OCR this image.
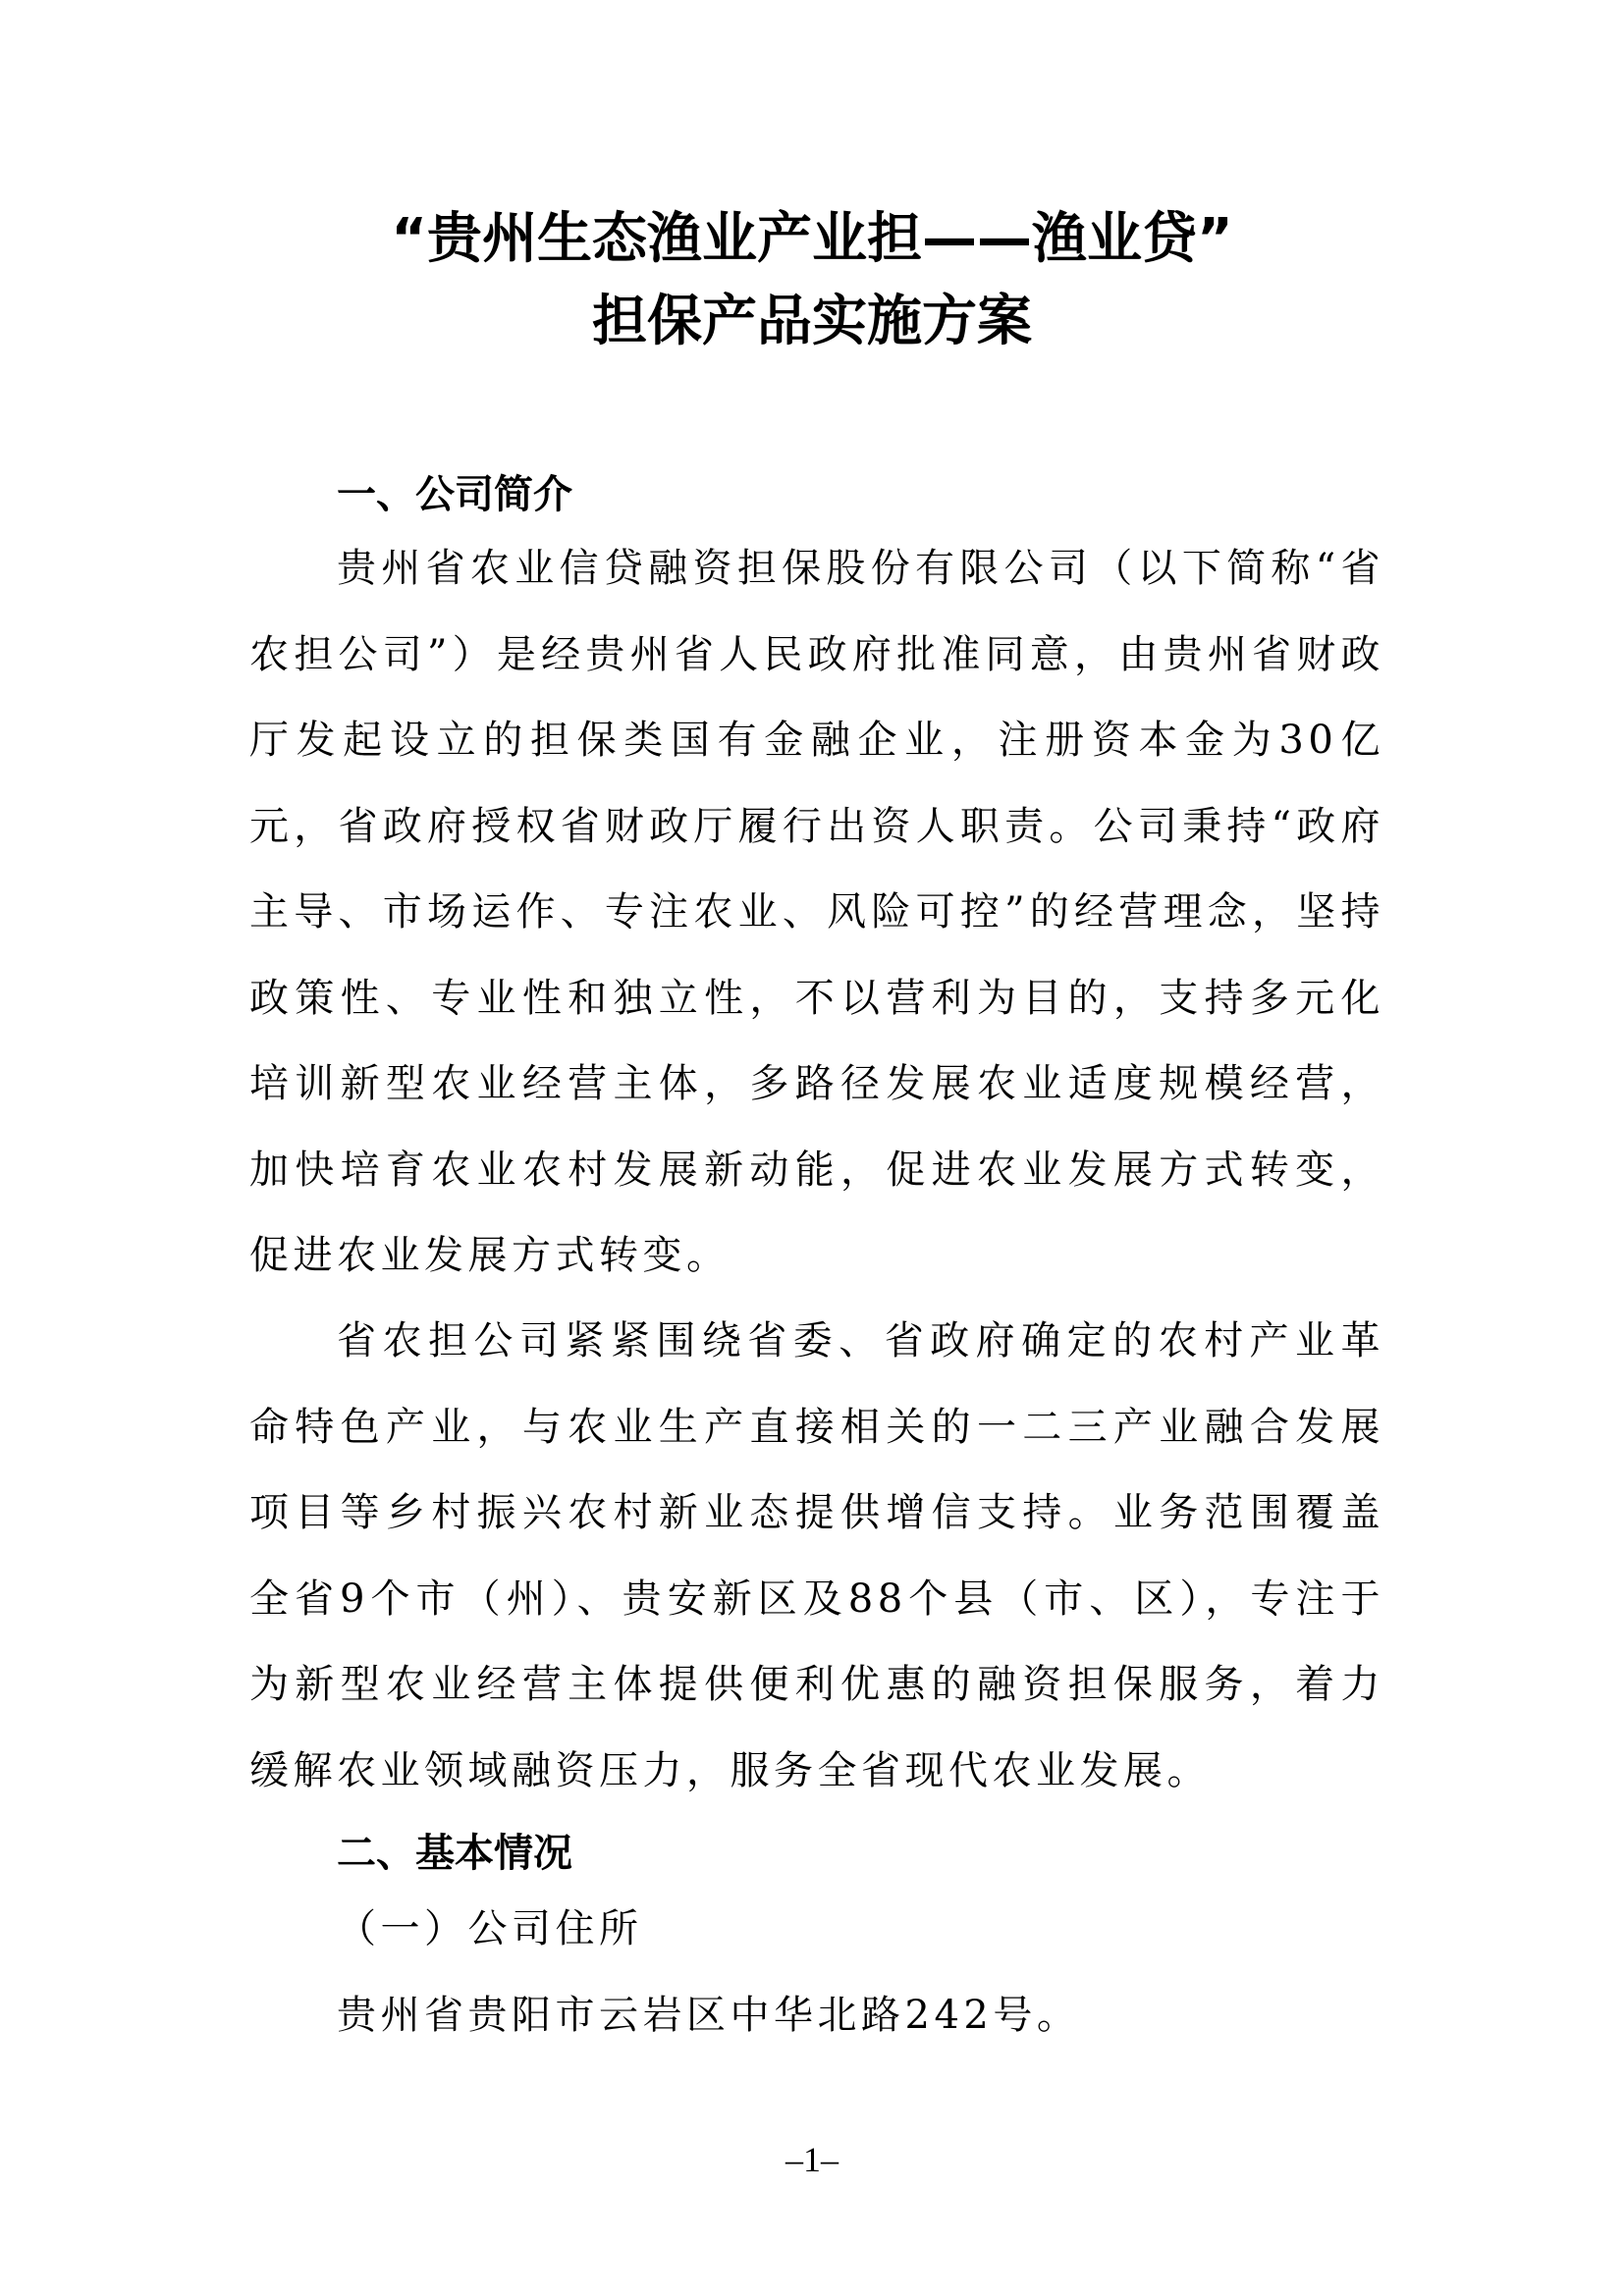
“贵州生态渔业产业担——渔业贷”
担保产品实施方案
一、公司简介

贵州省农业信贷融资担保股份有限公司（以下简称“省农担公司”）是经贵州省人民政府批准同意，由贵州省财政厅发起设立的担保类国有金融企业，注册资本金为30亿元，省政府授权省财政厅履行出资人职责。公司秉持“政府主导、市场运作、专注农业、风险可控”的经营理念，坚持政策性、专业性和独立性，不以营利为目的，支持多元化培训新型农业经营主体，多路径发展农业适度规模经营，加快培育农业农村发展新动能，促进农业发展方式转变，促进农业发展方式转变。

省农担公司紧紧围绕省委、省政府确定的农村产业革命特色产业，与农业生产直接相关的一二三产业融合发展项目等乡村振兴农村新业态提供增信支持。业务范围覆盖全省9个市（州）、贵安新区及88个县（市、区），专注于为新型农业经营主体提供便利优惠的融资担保服务，着力缓解农业领域融资压力，服务全省现代农业发展。

二、基本情况

（一）公司住所

贵州省贵阳市云岩区中华北路242号。

–1–
